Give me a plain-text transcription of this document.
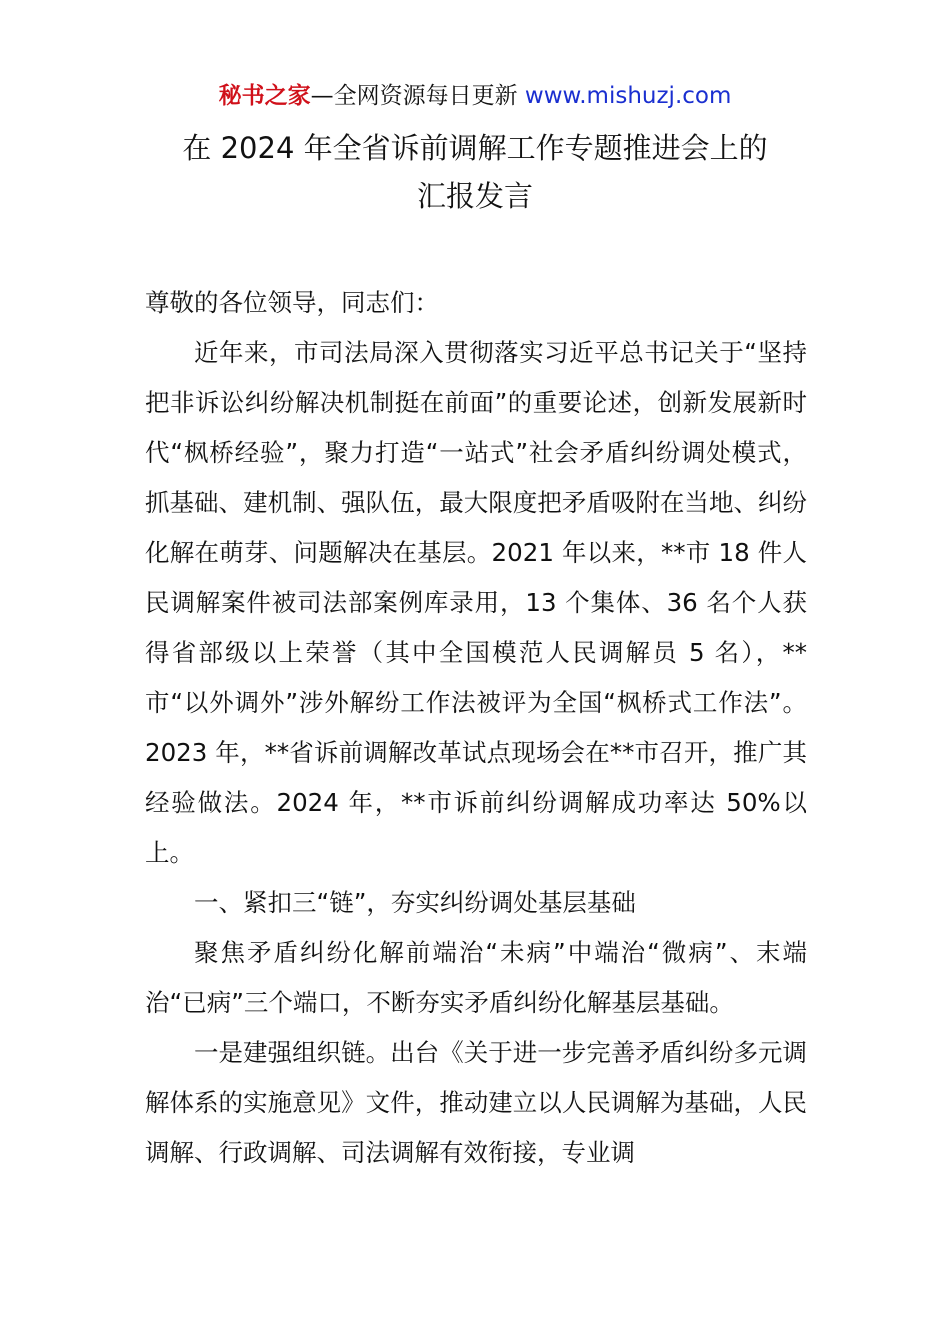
秘书之家—全网资源每日更新 www.mishuzj.com
在 2024 年全省诉前调解工作专题推进会上的
汇报发言

尊敬的各位领导，同志们：

近年来，市司法局深入贯彻落实习近平总书记关于“坚持把非诉讼纠纷解决机制挺在前面”的重要论述，创新发展新时代“枫桥经验”，聚力打造“一站式”社会矛盾纠纷调处模式，抓基础、建机制、强队伍，最大限度把矛盾吸附在当地、纠纷化解在萌芽、问题解决在基层。2021 年以来，**市 18 件人民调解案件被司法部案例库录用，13 个集体、36 名个人获得省部级以上荣誉（其中全国模范人民调解员 5 名），**市“以外调外”涉外解纷工作法被评为全国“枫桥式工作法”。2023 年，**省诉前调解改革试点现场会在**市召开，推广其经验做法。2024 年，**市诉前纠纷调解成功率达 50%以上。

一、紧扣三“链”，夯实纠纷调处基层基础

聚焦矛盾纠纷化解前端治“未病”中端治“微病”、末端治“已病”三个端口，不断夯实矛盾纠纷化解基层基础。

一是建强组织链。出台《关于进一步完善矛盾纠纷多元调解体系的实施意见》文件，推动建立以人民调解为基础，人民调解、行政调解、司法调解有效衔接，专业调
